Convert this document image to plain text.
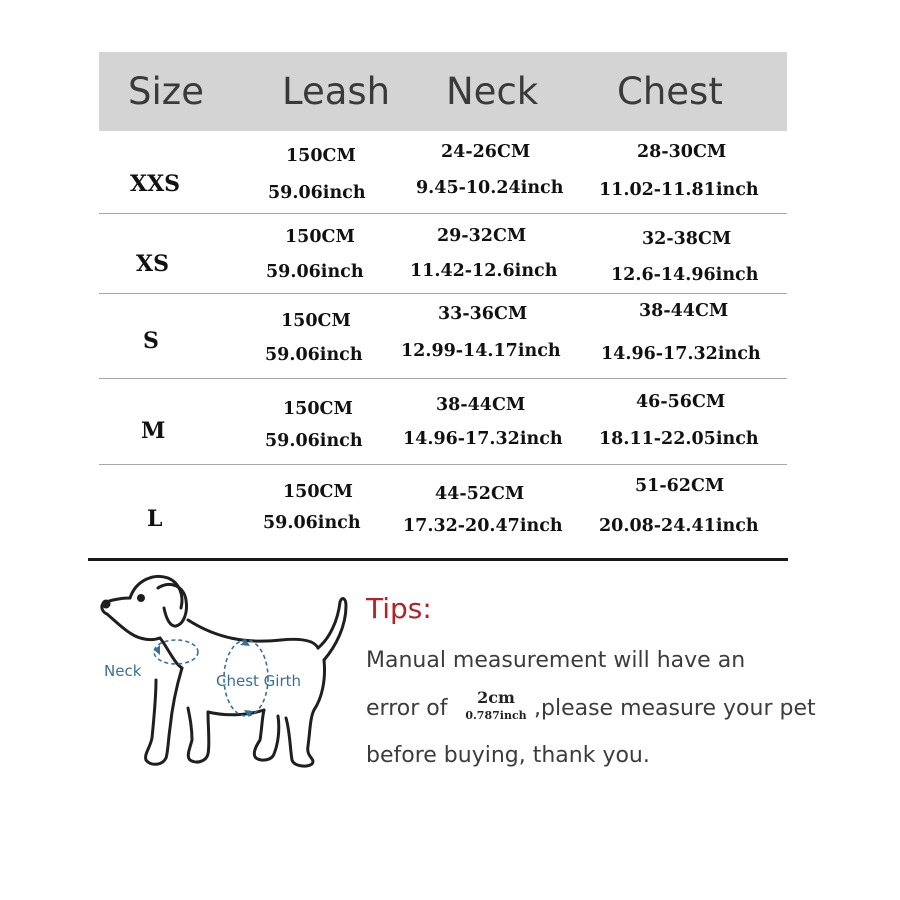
Size Leash Neck Chest
XXS
150CM
59.06inch
24-26CM
9.45-10.24inch
28-30CM
11.02-11.81inch
XS
150CM
59.06inch
29-32CM
11.42-12.6inch
32-38CM
12.6-14.96inch
S
150CM
59.06inch
33-36CM
12.99-14.17inch
38-44CM
14.96-17.32inch
M
150CM
59.06inch
38-44CM
14.96-17.32inch
46-56CM
18.11-22.05inch
L
150CM
59.06inch
44-52CM
17.32-20.47inch
51-62CM
20.08-24.41inch
Neck
Chest Girth
Tips:
Manual measurement will have an
error of	2cm
0.787inch ,please measure your pet
before buying, thank you.
